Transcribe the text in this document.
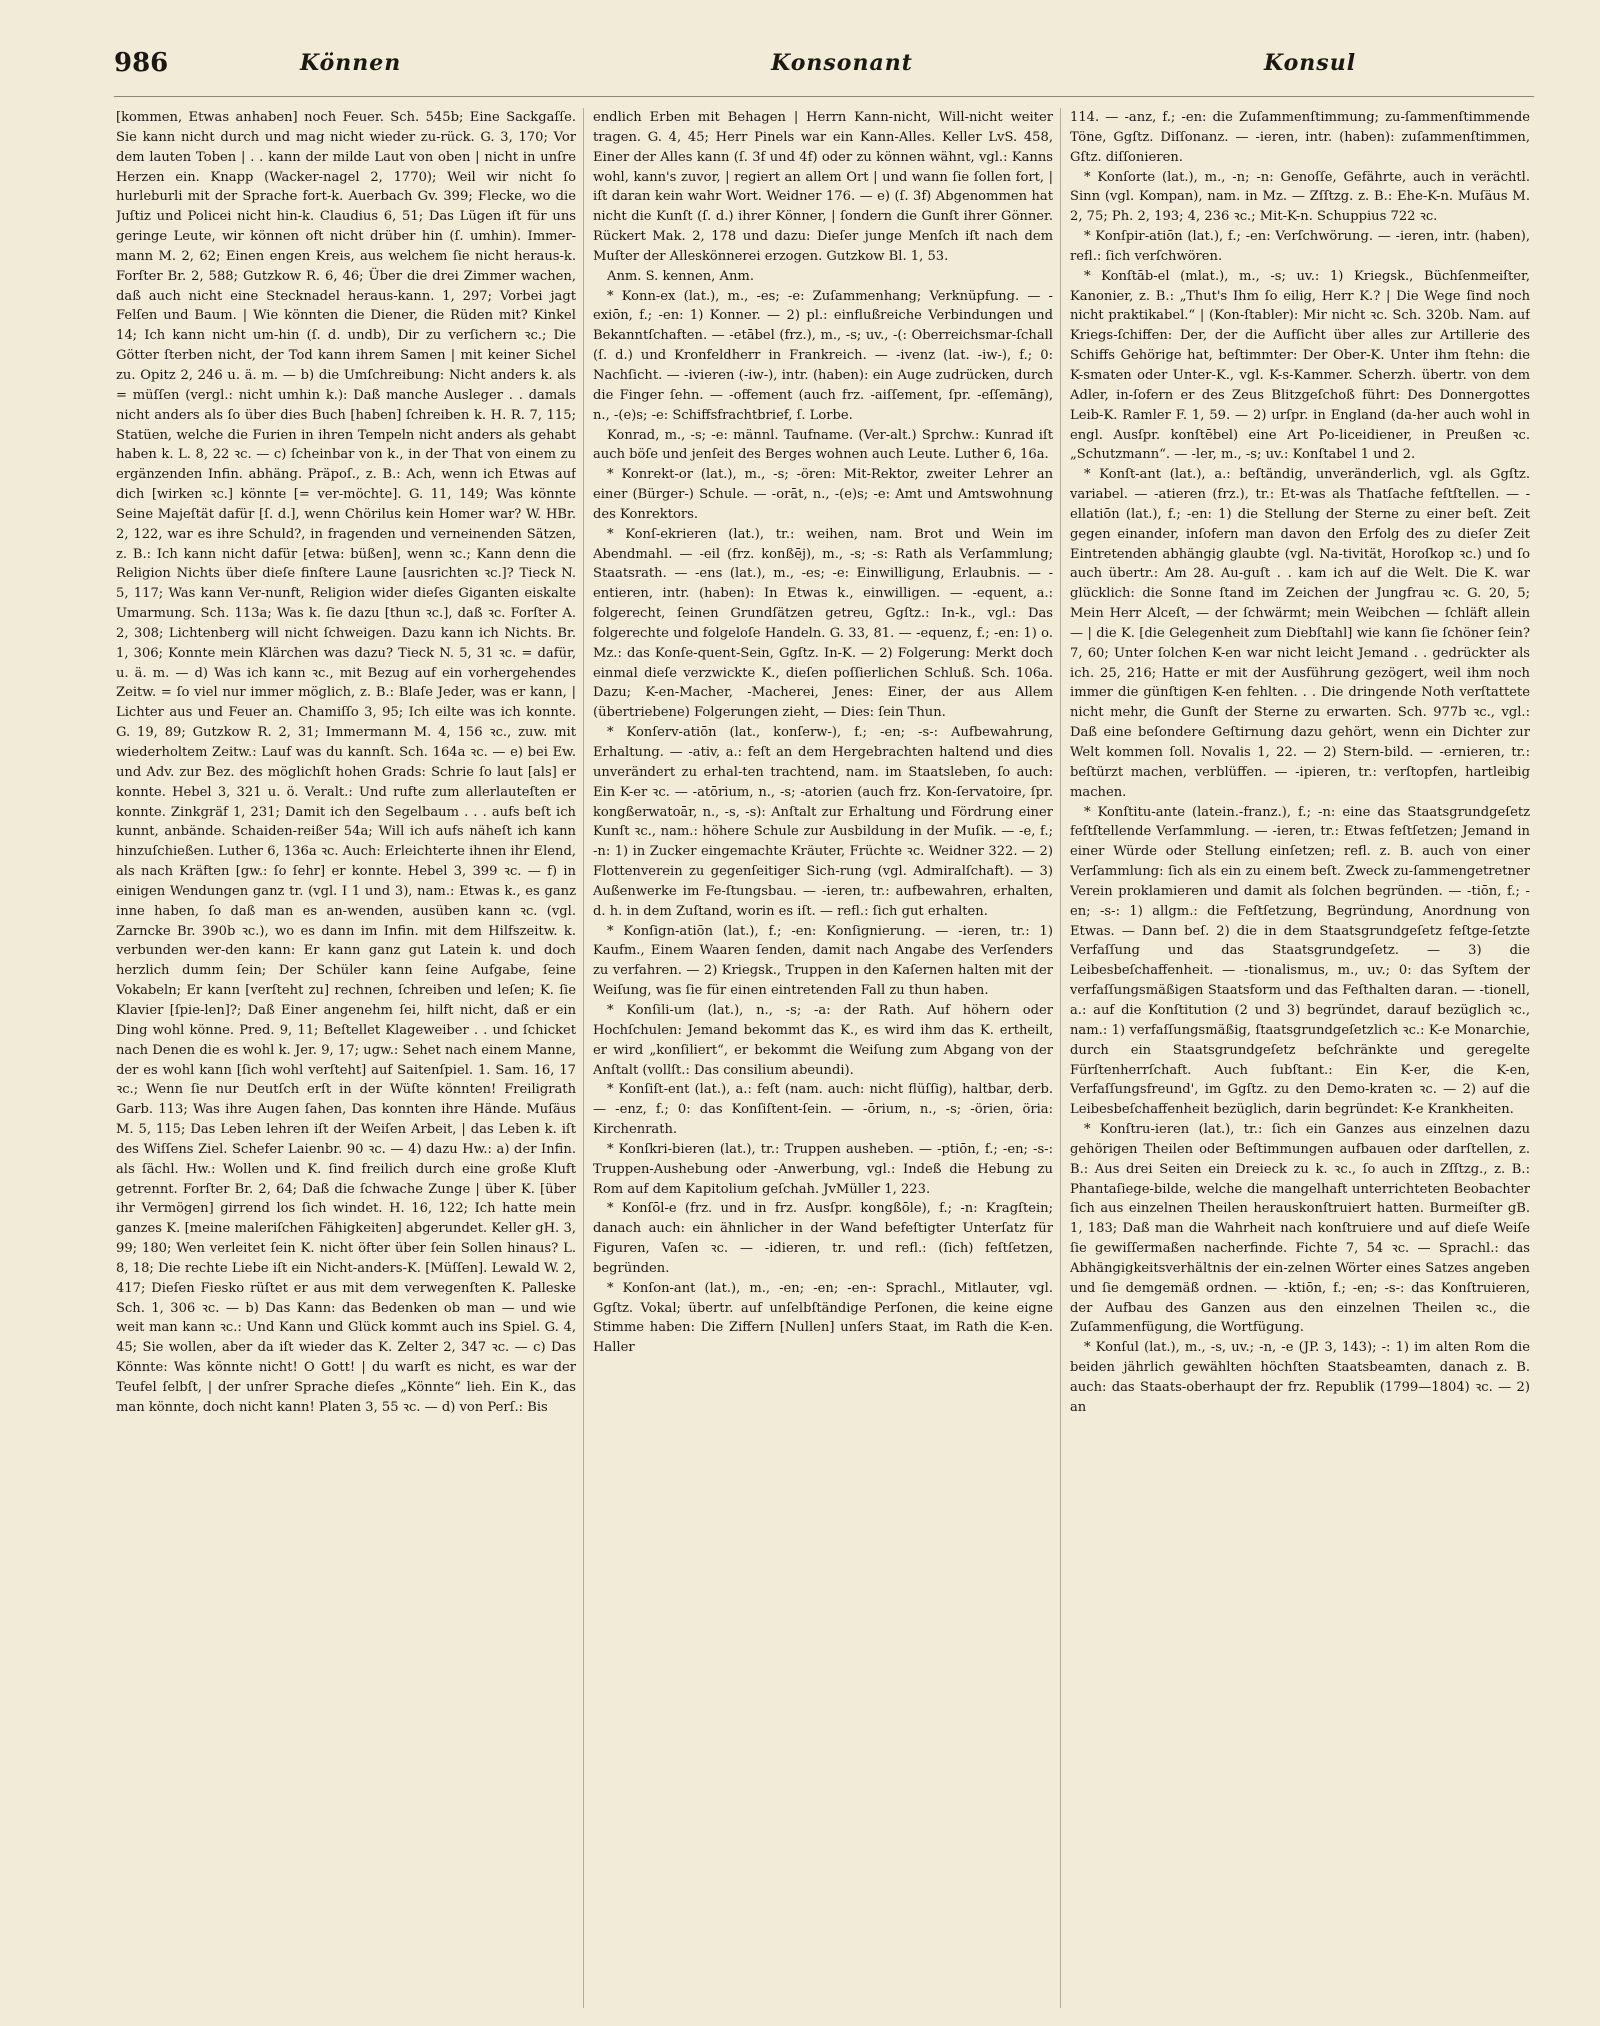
986	Können	Konsonant	Konsul

[kommen, Etwas anhaben] noch Feuer. Sch. 545b; Eine Sackgaſſe. Sie kann nicht durch und mag nicht wieder zu-rück. G. 3, 170; Vor dem lauten Toben | . . kann der milde Laut von oben | nicht in unſre Herzen ein. Knapp (Wacker-nagel 2, 1770); Weil wir nicht ſo hurleburli mit der Sprache fort-k. Auerbach Gv. 399; Flecke, wo die Juſtiz und Policei nicht hin-k. Claudius 6, 51; Das Lügen iſt für uns geringe Leute, wir können oft nicht drüber hin (ſ. umhin). Immer-mann M. 2, 62; Einen engen Kreis, aus welchem ſie nicht heraus-k. Forſter Br. 2, 588; Gutzkow R. 6, 46; Über die drei Zimmer wachen, daß auch nicht eine Stecknadel heraus-kann. 1, 297; Vorbei jagt Felſen und Baum. | Wie könnten die Diener, die Rüden mit? Kinkel 14; Ich kann nicht um-hin (ſ. d. undb), Dir zu verſichern ꝛc.; Die Götter ſterben nicht, der Tod kann ihrem Samen | mit keiner Sichel zu. Opitz 2, 246 u. ä. m. — b) die Umſchreibung: Nicht anders k. als = müſſen (vergl.: nicht umhin k.): Daß manche Ausleger . . damals nicht anders als ſo über dies Buch [haben] ſchreiben k. H. R. 7, 115; Statüen, welche die Furien in ihren Tempeln nicht anders als gehabt haben k. L. 8, 22 ꝛc. — c) ſcheinbar von k., in der That von einem zu ergänzenden Infin. abhäng. Präpoſ., z. B.: Ach, wenn ich Etwas auf dich [wirken ꝛc.] könnte [= ver-möchte]. G. 11, 149; Was könnte Seine Majeſtät dafür [ſ. d.], wenn Chörilus kein Homer war? W. HBr. 2, 122, war es ihre Schuld?, in fragenden und verneinenden Sätzen, z. B.: Ich kann nicht dafür [etwa: büßen], wenn ꝛc.; Kann denn die Religion Nichts über dieſe finſtere Laune [ausrichten ꝛc.]? Tieck N. 5, 117; Was kann Ver-nunft, Religion wider dieſes Giganten eiskalte Umarmung. Sch. 113a; Was k. ſie dazu [thun ꝛc.], daß ꝛc. Forſter A. 2, 308; Lichtenberg will nicht ſchweigen. Dazu kann ich Nichts. Br. 1, 306; Konnte mein Klärchen was dazu? Tieck N. 5, 31 ꝛc. = dafür, u. ä. m. — d) Was ich kann ꝛc., mit Bezug auf ein vorhergehendes Zeitw. = ſo viel nur immer möglich, z. B.: Blaſe Jeder, was er kann, | Lichter aus und Feuer an. Chamiſſo 3, 95; Ich eilte was ich konnte. G. 19, 89; Gutzkow R. 2, 31; Immermann M. 4, 156 ꝛc., zuw. mit wiederholtem Zeitw.: Lauf was du kannſt. Sch. 164a ꝛc. — e) bei Ew. und Adv. zur Bez. des möglichſt hohen Grads: Schrie ſo laut [als] er konnte. Hebel 3, 321 u. ö. Veralt.: Und rufte zum allerlauteſten er konnte. Zinkgräf 1, 231; Damit ich den Segelbaum . . . aufs beſt ich kunnt, anbände. Schaiden-reißer 54a; Will ich aufs näheſt ich kann hinzuſchießen. Luther 6, 136a ꝛc. Auch: Erleichterte ihnen ihr Elend, als nach Kräften [gw.: ſo ſehr] er konnte. Hebel 3, 399 ꝛc. — f) in einigen Wendungen ganz tr. (vgl. I 1 und 3), nam.: Etwas k., es ganz inne haben, ſo daß man es an-wenden, ausüben kann ꝛc. (vgl. Zarncke Br. 390b ꝛc.), wo es dann im Infin. mit dem Hilfszeitw. k. verbunden wer-den kann: Er kann ganz gut Latein k. und doch herzlich dumm ſein; Der Schüler kann ſeine Aufgabe, ſeine Vokabeln; Er kann [verſteht zu] rechnen, ſchreiben und leſen; K. ſie Klavier [ſpie-len]?; Daß Einer angenehm ſei, hilft nicht, daß er ein Ding wohl könne. Pred. 9, 11; Beſtellet Klageweiber . . und ſchicket nach Denen die es wohl k. Jer. 9, 17; ugw.: Sehet nach einem Manne, der es wohl kann [ſich wohl verſteht] auf Saitenſpiel. 1. Sam. 16, 17 ꝛc.; Wenn ſie nur Deutſch erſt in der Wüſte könnten! Freiligrath Garb. 113; Was ihre Augen ſahen, Das konnten ihre Hände. Muſäus M. 5, 115; Das Leben lehren iſt der Weiſen Arbeit, | das Leben k. iſt des Wiſſens Ziel. Schefer Laienbr. 90 ꝛc. — 4) dazu Hw.: a) der Infin. als ſächl. Hw.: Wollen und K. ſind freilich durch eine große Kluft getrennt. Forſter Br. 2, 64; Daß die ſchwache Zunge | über K. [über ihr Vermögen] girrend los ſich windet. H. 16, 122; Ich hatte mein ganzes K. [meine maleriſchen Fähigkeiten] abgerundet. Keller gH. 3, 99; 180; Wen verleitet ſein K. nicht öfter über ſein Sollen hinaus? L. 8, 18; Die rechte Liebe iſt ein Nicht-anders-K. [Müſſen]. Lewald W. 2, 417; Dieſen Fiesko rüſtet er aus mit dem verwegenſten K. Palleske Sch. 1, 306 ꝛc. — b) Das Kann: das Bedenken ob man — und wie weit man kann ꝛc.: Und Kann und Glück kommt auch ins Spiel. G. 4, 45; Sie wollen, aber da iſt wieder das K. Zelter 2, 347 ꝛc. — c) Das Könnte: Was könnte nicht! O Gott! | du warſt es nicht, es war der Teufel ſelbſt, | der unſrer Sprache dieſes „Könnte“ lieh. Ein K., das man könnte, doch nicht kann! Platen 3, 55 ꝛc. — d) von Perſ.: Bis

endlich Erben mit Behagen | Herrn Kann-nicht, Will-nicht weiter tragen. G. 4, 45; Herr Pinels war ein Kann-Alles. Keller LvS. 458, Einer der Alles kann (ſ. 3f und 4f) oder zu können wähnt, vgl.: Kanns wohl, kann's zuvor, | regiert an allem Ort | und wann ſie ſollen fort, | iſt daran kein wahr Wort. Weidner 176. — e) (ſ. 3f) Abgenommen hat nicht die Kunſt (ſ. d.) ihrer Könner, | ſondern die Gunſt ihrer Gönner. Rückert Mak. 2, 178 und dazu: Dieſer junge Menſch iſt nach dem Muſter der Alleskönnerei erzogen. Gutzkow Bl. 1, 53.

Anm. S. kennen, Anm.

* Konn-ex (lat.), m., -es; -e: Zuſammenhang; Verknüpfung. — -exiōn, f.; -en: 1) Konner. — 2) pl.: einflußreiche Verbindungen und Bekanntſchaften. — -etābel (frz.), m., -s; uv., -(: Oberreichsmar-ſchall (ſ. d.) und Kronfeldherr in Frankreich. — -ivenz (lat. -iw-), f.; 0: Nachſicht. — -ivieren (-iw-), intr. (haben): ein Auge zudrücken, durch die Finger ſehn. — -offement (auch frz. -aiſſement, ſpr. -eſſemāng), n., -(e)s; -e: Schiffsfrachtbrief, ſ. Lorbe.

Konrad, m., -s; -e: männl. Taufname. (Ver-alt.) Sprchw.: Kunrad iſt auch böſe und jenſeit des Berges wohnen auch Leute. Luther 6, 16a.

* Konrekt-or (lat.), m., -s; -ören: Mit-Rektor, zweiter Lehrer an einer (Bürger-) Schule. — -orāt, n., -(e)s; -e: Amt und Amtswohnung des Konrektors.

* Konſ-ekrieren (lat.), tr.: weihen, nam. Brot und Wein im Abendmahl. — -eil (frz. konßēj), m., -s; -s: Rath als Verſammlung; Staatsrath. — -ens (lat.), m., -es; -e: Einwilligung, Erlaubnis. — -entieren, intr. (haben): In Etwas k., einwilligen. — -equent, a.: folgerecht, ſeinen Grundſätzen getreu, Ggſtz.: In-k., vgl.: Das folgerechte und folgeloſe Handeln. G. 33, 81. — -equenz, f.; -en: 1) o. Mz.: das Konſe-quent-Sein, Ggſtz. In-K. — 2) Folgerung: Merkt doch einmal dieſe verzwickte K., dieſen poſſierlichen Schluß. Sch. 106a. Dazu; K-en-Macher, -Macherei, Jenes: Einer, der aus Allem (übertriebene) Folgerungen zieht, — Dies: ſein Thun.

* Konſerv-atiōn (lat., konſerw-), f.; -en; -s-: Aufbewahrung, Erhaltung. — -ativ, a.: feſt an dem Hergebrachten haltend und dies unverändert zu erhal-ten trachtend, nam. im Staatsleben, ſo auch: Ein K-er ꝛc. — -atōrium, n., -s; -atorien (auch frz. Kon-ſervatoire, ſpr. kongßerwatoār, n., -s, -s): Anſtalt zur Erhaltung und Fördrung einer Kunſt ꝛc., nam.: höhere Schule zur Ausbildung in der Muſik. — -e, f.; -n: 1) in Zucker eingemachte Kräuter, Früchte ꝛc. Weidner 322. — 2) Flottenverein zu gegenſeitiger Sich-rung (vgl. Admiralſchaft). — 3) Außenwerke im Fe-ſtungsbau. — -ieren, tr.: aufbewahren, erhalten, d. h. in dem Zuſtand, worin es iſt. — refl.: ſich gut erhalten.

* Konſign-atiōn (lat.), f.; -en: Konſignierung. — -ieren, tr.: 1) Kaufm., Einem Waaren ſenden, damit nach Angabe des Verſenders zu verfahren. — 2) Kriegsk., Truppen in den Kaſernen halten mit der Weiſung, was ſie für einen eintretenden Fall zu thun haben.

* Konſili-um (lat.), n., -s; -a: der Rath. Auf höhern oder Hochſchulen: Jemand bekommt das K., es wird ihm das K. ertheilt, er wird „konſiliert“, er bekommt die Weiſung zum Abgang von der Anſtalt (vollſt.: Das consilium abeundi).

* Konſiſt-ent (lat.), a.: feſt (nam. auch: nicht flüſſig), haltbar, derb. — -enz, f.; 0: das Konſiſtent-ſein. — -ōrium, n., -s; -örien, öria: Kirchenrath.

* Konſkri-bieren (lat.), tr.: Truppen ausheben. — -ptiōn, f.; -en; -s-: Truppen-Aushebung oder -Anwerbung, vgl.: Indeß die Hebung zu Rom auf dem Kapitolium geſchah. JvMüller 1, 223.

* Konſōl-e (frz. und in frz. Ausſpr. kongßōle), f.; -n: Kragſtein; danach auch: ein ähnlicher in der Wand befeſtigter Unterſatz für Figuren, Vaſen ꝛc. — -idieren, tr. und refl.: (ſich) feſtſetzen, begründen.

* Konſon-ant (lat.), m., -en; -en; -en-: Sprachl., Mitlauter, vgl. Ggſtz. Vokal; übertr. auf unſelbſtändige Perſonen, die keine eigne Stimme haben: Die Ziffern [Nullen] unſers Staat, im Rath die K-en. Haller

114. — -anz, f.; -en: die Zuſammenſtimmung; zu-ſammenſtimmende Töne, Ggſtz. Diſſonanz. — -ieren, intr. (haben): zuſammenſtimmen, Gſtz. diſſonieren.

* Konſorte (lat.), m., -n; -n: Genoſſe, Gefährte, auch in verächtl. Sinn (vgl. Kompan), nam. in Mz. — Zſſtzg. z. B.: Ehe-K-n. Muſäus M. 2, 75; Ph. 2, 193; 4, 236 ꝛc.; Mit-K-n. Schuppius 722 ꝛc.

* Konſpir-atiōn (lat.), f.; -en: Verſchwörung. — -ieren, intr. (haben), refl.: ſich verſchwören.

* Konſtāb-el (mlat.), m., -s; uv.: 1) Kriegsk., Büchſenmeiſter, Kanonier, z. B.: „Thut's Ihm ſo eilig, Herr K.? | Die Wege ſind noch nicht praktikabel.“ | (Kon-ſtabler): Mir nicht ꝛc. Sch. 320b. Nam. auf Kriegs-ſchiffen: Der, der die Aufſicht über alles zur Artillerie des Schiffs Gehörige hat, beſtimmter: Der Ober-K. Unter ihm ſtehn: die K-smaten oder Unter-K., vgl. K-s-Kammer. Scherzh. übertr. von dem Adler, in-ſofern er des Zeus Blitzgeſchoß führt: Des Donnergottes Leib-K. Ramler F. 1, 59. — 2) urſpr. in England (da-her auch wohl in engl. Ausſpr. konſtēbel) eine Art Po-liceidiener, in Preußen ꝛc. „Schutzmann“. — -ler, m., -s; uv.: Konſtabel 1 und 2.

* Konſt-ant (lat.), a.: beſtändig, unveränderlich, vgl. als Ggſtz. variabel. — -atieren (frz.), tr.: Et-was als Thatſache feſtſtellen. — -ellatiōn (lat.), f.; -en: 1) die Stellung der Sterne zu einer beſt. Zeit gegen einander, inſofern man davon den Erfolg des zu dieſer Zeit Eintretenden abhängig glaubte (vgl. Na-tivität, Horoſkop ꝛc.) und ſo auch übertr.: Am 28. Au-guſt . . kam ich auf die Welt. Die K. war glücklich: die Sonne ſtand im Zeichen der Jungfrau ꝛc. G. 20, 5; Mein Herr Alceſt, — der ſchwärmt; mein Weibchen — ſchläft allein — | die K. [die Gelegenheit zum Diebſtahl] wie kann ſie ſchöner ſein? 7, 60; Unter ſolchen K-en war nicht leicht Jemand . . gedrückter als ich. 25, 216; Hatte er mit der Ausführung gezögert, weil ihm noch immer die günſtigen K-en fehlten. . . Die dringende Noth verſtattete nicht mehr, die Gunſt der Sterne zu erwarten. Sch. 977b ꝛc., vgl.: Daß eine beſondere Geſtirnung dazu gehört, wenn ein Dichter zur Welt kommen ſoll. Novalis 1, 22. — 2) Stern-bild. — -ernieren, tr.: beſtürzt machen, verblüffen. — -ipieren, tr.: verſtopfen, hartleibig machen.

* Konſtitu-ante (latein.-franz.), f.; -n: eine das Staatsgrundgeſetz feſtſtellende Verſammlung. — -ieren, tr.: Etwas feſtſetzen; Jemand in einer Würde oder Stellung einſetzen; refl. z. B. auch von einer Verſammlung: ſich als ein zu einem beſt. Zweck zu-ſammengetretner Verein proklamieren und damit als ſolchen begründen. — -tiōn, f.; -en; -s-: 1) allgm.: die Feſtſetzung, Begründung, Anordnung von Etwas. — Dann beſ. 2) die in dem Staatsgrundgeſetz feſtge-ſetzte Verfaſſung und das Staatsgrundgeſetz. — 3) die Leibesbeſchaffenheit. — -tionalismus, m., uv.; 0: das Syſtem der verfaſſungsmäßigen Staatsform und das Feſthalten daran. — -tionell, a.: auf die Konſtitution (2 und 3) begründet, darauf bezüglich ꝛc., nam.: 1) verfaſſungsmäßig, ſtaatsgrundgeſetzlich ꝛc.: K-e Monarchie, durch ein Staatsgrundgeſetz beſchränkte und geregelte Fürſtenherrſchaft. Auch ſubſtant.: Ein K-er, die K-en, Verfaſſungsfreund', im Ggſtz. zu den Demo-kraten ꝛc. — 2) auf die Leibesbeſchaffenheit bezüglich, darin begründet: K-e Krankheiten.

* Konſtru-ieren (lat.), tr.: ſich ein Ganzes aus einzelnen dazu gehörigen Theilen oder Beſtimmungen aufbauen oder darſtellen, z. B.: Aus drei Seiten ein Dreieck zu k. ꝛc., ſo auch in Zſſtzg., z. B.: Phantaſiege-bilde, welche die mangelhaft unterrichteten Beobachter ſich aus einzelnen Theilen herauskonſtruiert hatten. Burmeiſter gB. 1, 183; Daß man die Wahrheit nach konſtruiere und auf dieſe Weiſe ſie gewiſſermaßen nacherfinde. Fichte 7, 54 ꝛc. — Sprachl.: das Abhängigkeitsverhältnis der ein-zelnen Wörter eines Satzes angeben und ſie demgemäß ordnen. — -ktiōn, f.; -en; -s-: das Konſtruieren, der Aufbau des Ganzen aus den einzelnen Theilen ꝛc., die Zuſammenfügung, die Wortfügung.

* Konſul (lat.), m., -s, uv.; -n, -e (JP. 3, 143); -: 1) im alten Rom die beiden jährlich gewählten höchſten Staatsbeamten, danach z. B. auch: das Staats-oberhaupt der frz. Republik (1799—1804) ꝛc. — 2) an
